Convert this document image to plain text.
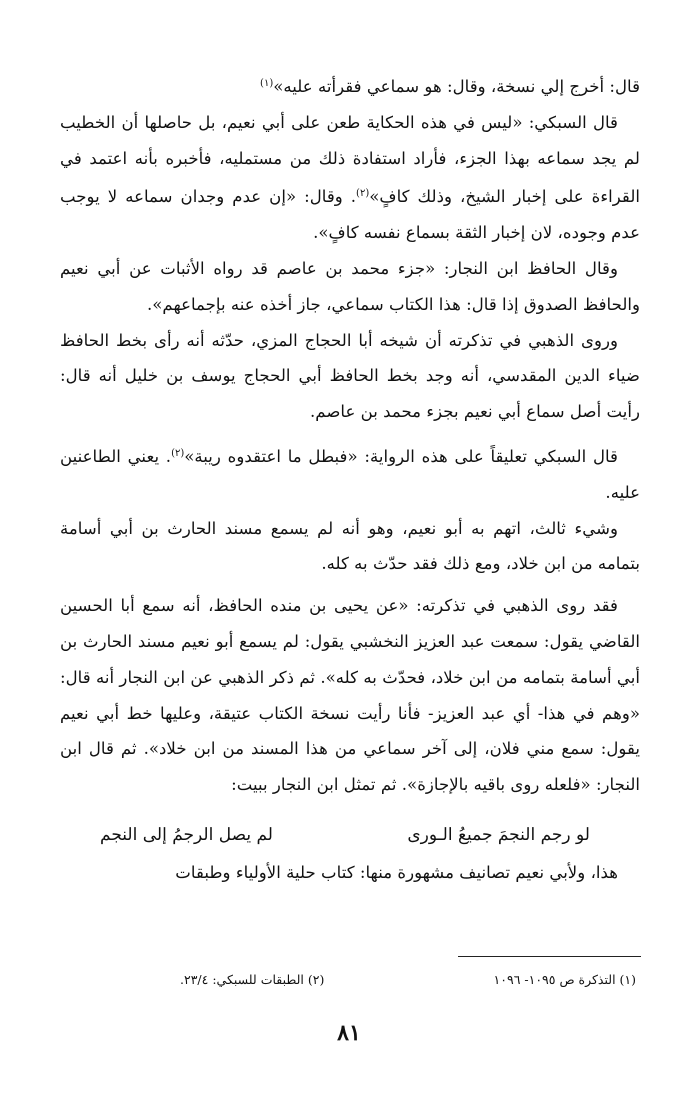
قال: أخرج إلي نسخة، وقال: هو سماعي فقرأته عليه»$^{(١)}$

قال السبكي: «ليس في هذه الحكاية طعن على أبي نعيم، بل حاصلها أن الخطيب لم يجد سماعه بهذا الجزء، فأراد استفادة ذلك من مستمليه، فأخبره بأنه اعتمد في القراءة على إخبار الشيخ، وذلك كافٍ»$^{(٢)}$. وقال: «إن عدم وجدان سماعه لا يوجب عدم وجوده، لان إخبار الثقة بسماع نفسه كافٍ».

وقال الحافظ ابن النجار: «جزء محمد بن عاصم قد رواه الأثبات عن أبي نعيم والحافظ الصدوق إذا قال: هذا الكتاب سماعي، جاز أخذه عنه بإجماعهم».

وروى الذهبي في تذكرته أن شيخه أبا الحجاج المزي، حدّثه أنه رأى بخط الحافظ ضياء الدين المقدسي، أنه وجد بخط الحافظ أبي الحجاج يوسف بن خليل أنه قال: رأيت أصل سماع أبي نعيم بجزء محمد بن عاصم.

قال السبكي تعليقاً على هذه الرواية: «فبطل ما اعتقدوه ريبة»$^{(٢)}$. يعني الطاعنين عليه.

وشيء ثالث، اتهم به أبو نعيم، وهو أنه لم يسمع مسند الحارث بن أبي أسامة بتمامه من ابن خلاد، ومع ذلك فقد حدّث به كله.

فقد روى الذهبي في تذكرته: «عن يحيى بن منده الحافظ، أنه سمع أبا الحسين القاضي يقول: سمعت عبد العزيز النخشبي يقول: لم يسمع أبو نعيم مسند الحارث بن أبي أسامة بتمامه من ابن خلاد، فحدّث به كله». ثم ذكر الذهبي عن ابن النجار أنه قال: «وهم في هذا- أي عبد العزيز- فأنا رأيت نسخة الكتاب عتيقة، وعليها خط أبي نعيم يقول: سمع مني فلان، إلى آخر سماعي من هذا المسند من ابن خلاد». ثم قال ابن النجار: «فلعله روى باقيه بالإجازة». ثم تمثل ابن النجار ببيت:

لو رجم النجمَ جميعُ الـورى
لم يصل الرجمُ إلى النجم

هذا، ولأبي نعيم تصانيف مشهورة منها: كتاب حلية الأولياء وطبقات

(١) التذكرة ص ١٠٩٥- ١٠٩٦
(٢) الطبقات للسبكي: ٢٣/٤.
٨١
